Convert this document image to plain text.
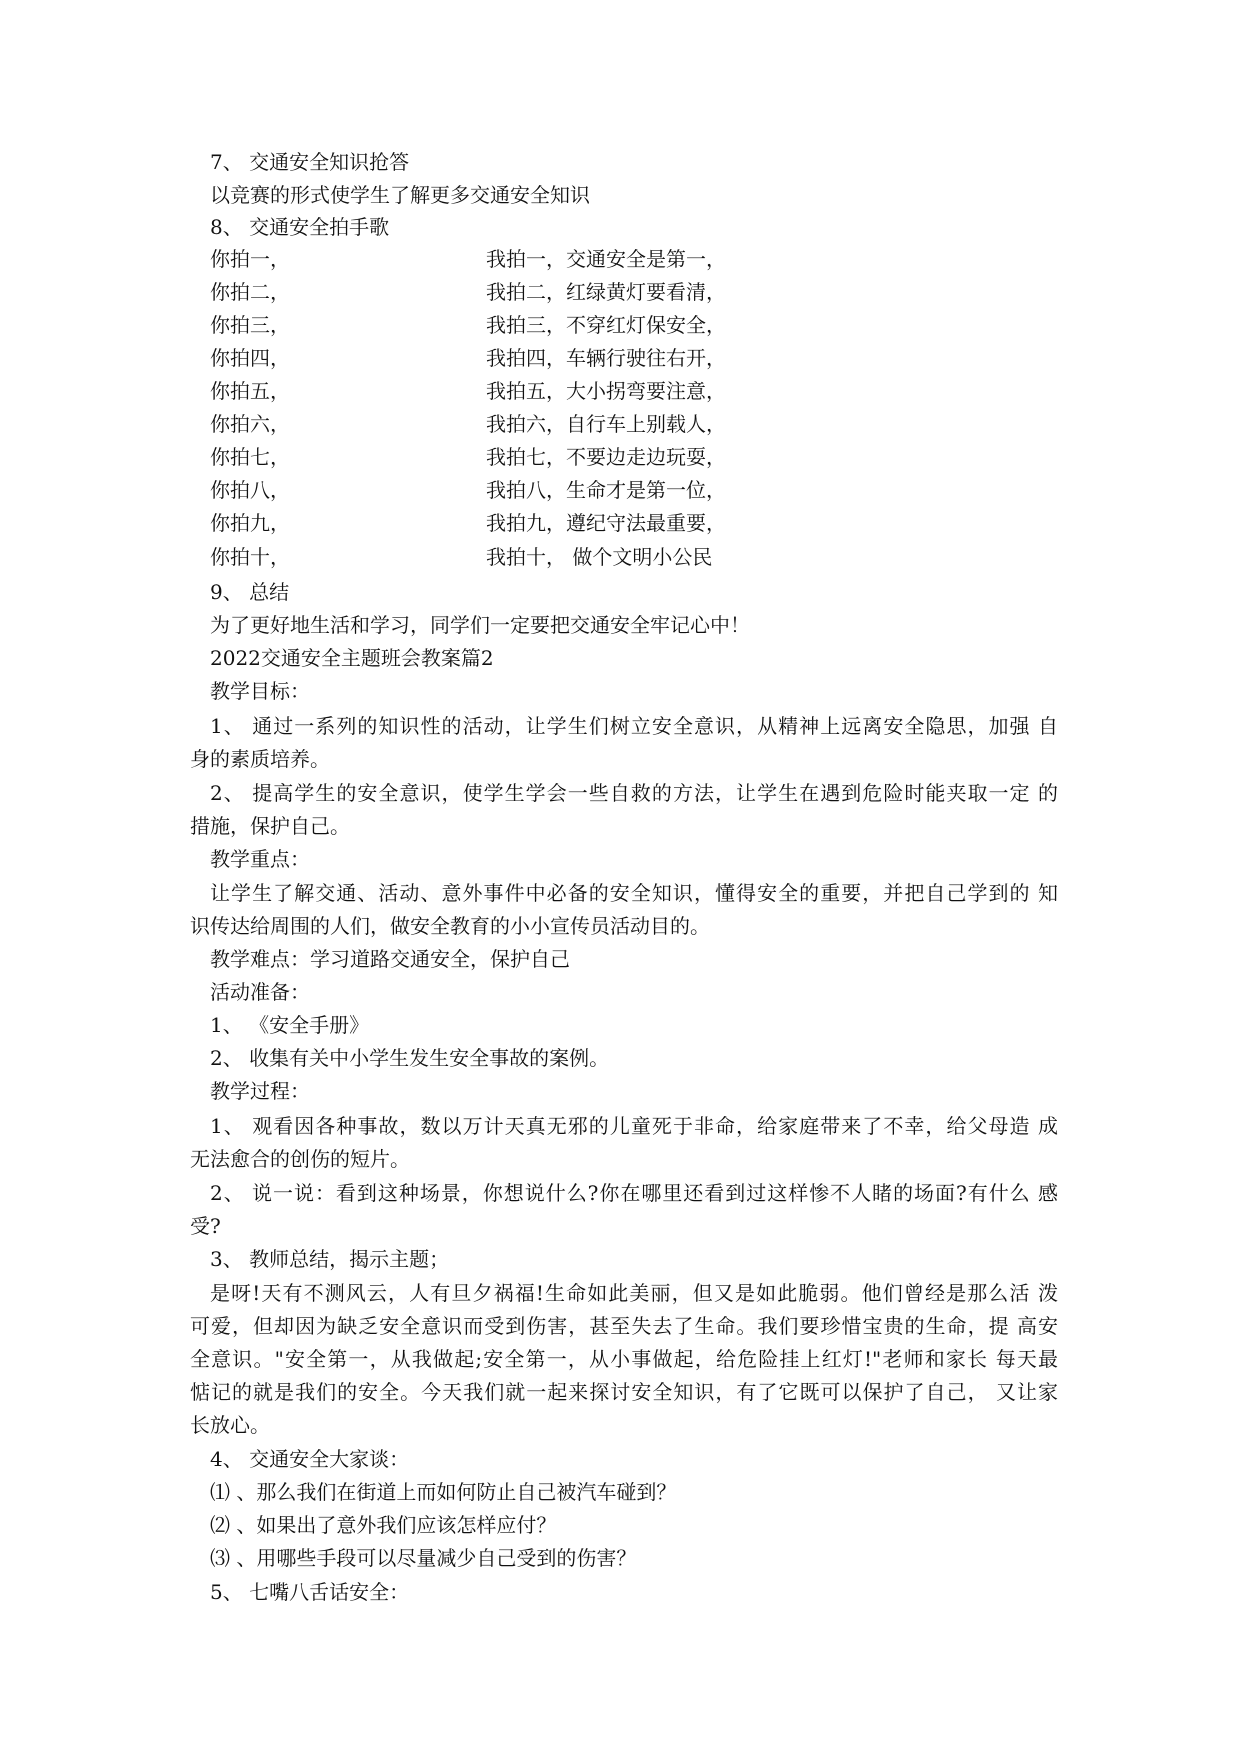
7、 交通安全知识抢答
以竞赛的形式使学生了解更多交通安全知识
8、 交通安全拍手歌
你拍一，	我拍一，交通安全是第一，
你拍二，	我拍二，红绿黄灯要看清，
你拍三，	我拍三，不穿红灯保安全，
你拍四，	我拍四，车辆行驶往右开，
你拍五，	我拍五，大小拐弯要注意，
你拍六，	我拍六，自行车上别载人，
你拍七，	我拍七，不要边走边玩耍，
你拍八，	我拍八，生命才是第一位，
你拍九，	我拍九，遵纪守法最重要，
你拍十，	我拍十， 做个文明小公民
9、 总结
为了更好地生活和学习，同学们一定要把交通安全牢记心中！
2022交通安全主题班会教案篇2
教学目标：
1、 通过一系列的知识性的活动，让学生们树立安全意识，从精神上远离安全隐思，加强 自
身的素质培养。
2、 提高学生的安全意识，使学生学会一些自救的方法，让学生在遇到危险时能夹取一定 的
措施，保护自己。
教学重点：
让学生了解交通、活动、意外事件中必备的安全知识，懂得安全的重要，并把自己学到的 知
识传达给周围的人们，做安全教育的小小宣传员活动目的。
教学难点：学习道路交通安全，保护自己
活动准备：
1、 《安全手册》
2、 收集有关中小学生发生安全事故的案例。
教学过程：
1、 观看因各种事故，数以万计天真无邪的儿童死于非命，给家庭带来了不幸，给父母造 成
无法愈合的创伤的短片。
2、 说一说：看到这种场景，你想说什么?你在哪里还看到过这样惨不人睹的场面?有什么 感
受?
3、 教师总结，揭示主题；
是呀!天有不测风云，人有旦夕祸福!生命如此美丽，但又是如此脆弱。他们曾经是那么活 泼
可爱，但却因为缺乏安全意识而受到伤害，甚至失去了生命。我们要珍惜宝贵的生命，提 高安
全意识。"安全第一，从我做起;安全第一，从小事做起，给危险挂上红灯!"老师和家长 每天最
惦记的就是我们的安全。今天我们就一起来探讨安全知识，有了它既可以保护了自己， 又让家
长放心。
4、 交通安全大家谈：
⑴ 、那么我们在街道上而如何防止自己被汽车碰到？
⑵ 、如果出了意外我们应该怎样应付？
⑶ 、用哪些手段可以尽量减少自己受到的伤害？
5、 七嘴八舌话安全：
